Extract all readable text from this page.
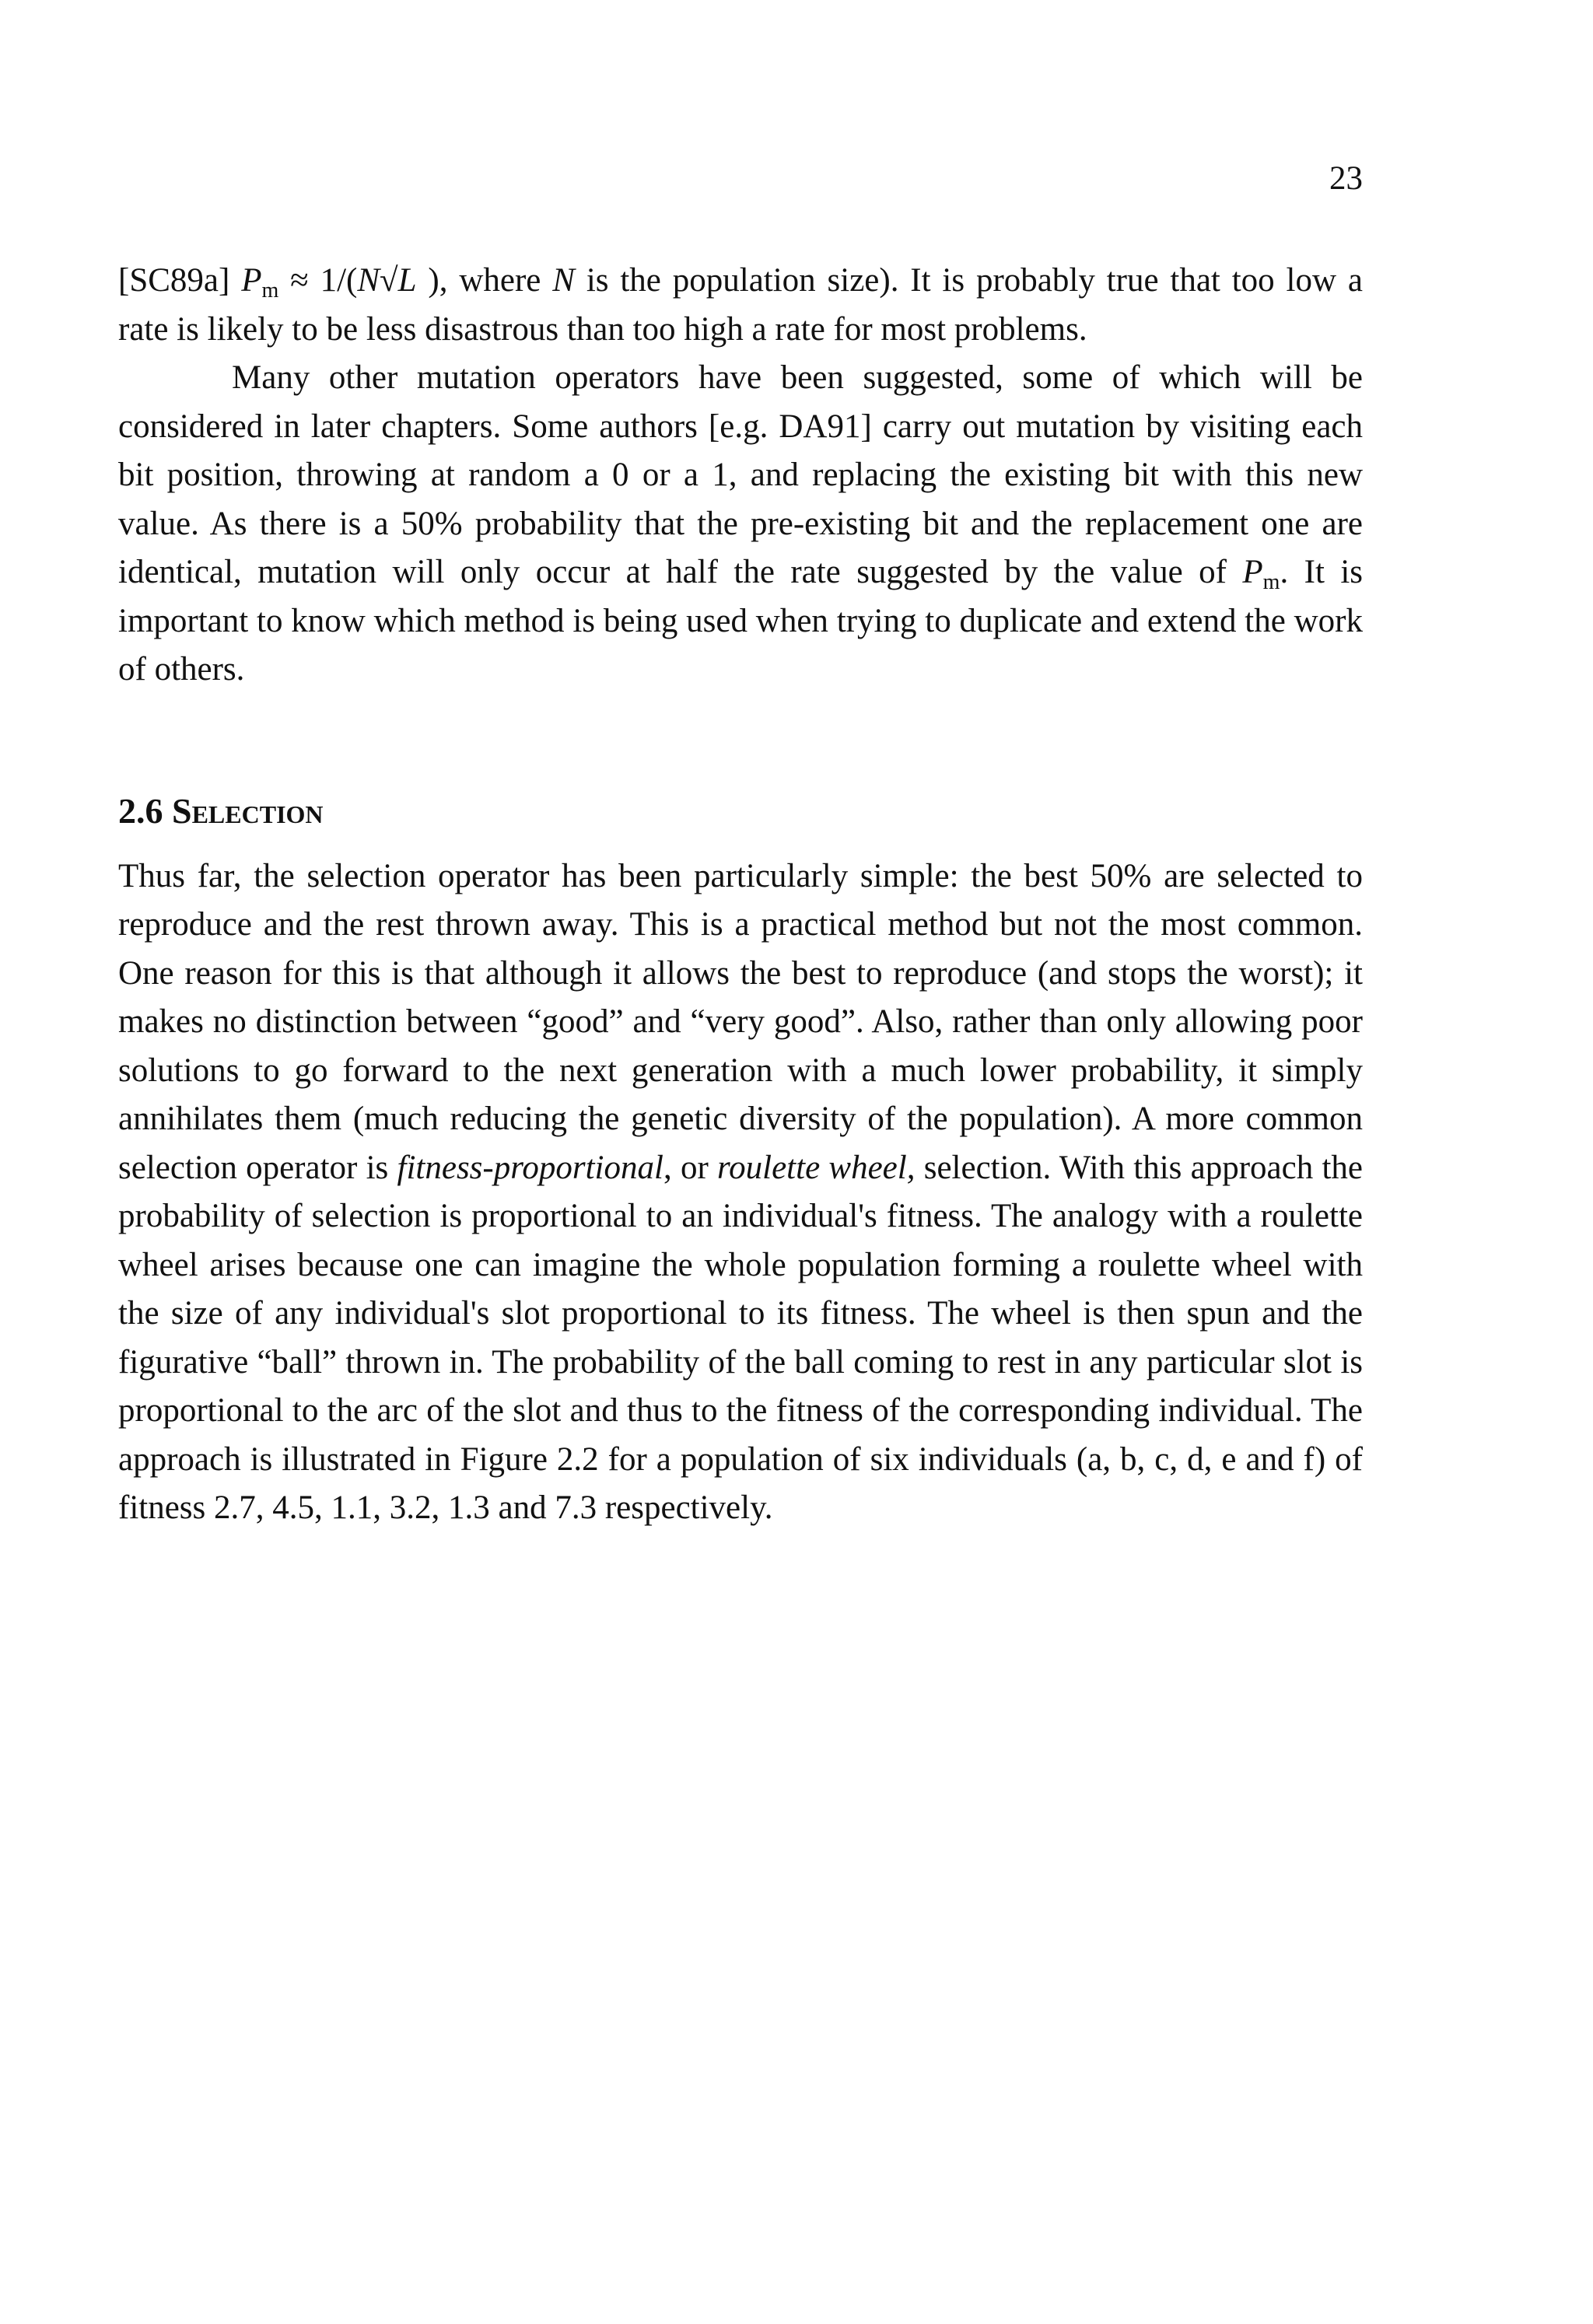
23

[SC89a] $P_m \approx 1/(N√L$ ), where N is the population size). It is probably true that too low a rate is likely to be less disastrous than too high a rate for most problems.

Many other mutation operators have been suggested, some of which will be considered in later chapters. Some authors [e.g. DA91] carry out mutation by visiting each bit position, throwing at random a 0 or a 1, and replacing the existing bit with this new value. As there is a 50% probability that the pre-existing bit and the replacement one are identical, mutation will only occur at half the rate suggested by the value of $P_m$. It is important to know which method is being used when trying to duplicate and extend the work of others.

2.6 Selection

Thus far, the selection operator has been particularly simple: the best 50% are selected to reproduce and the rest thrown away. This is a practical method but not the most common. One reason for this is that although it allows the best to reproduce (and stops the worst); it makes no distinction between “good” and “very good”. Also, rather than only allowing poor solutions to go forward to the next generation with a much lower probability, it simply annihilates them (much reducing the genetic diversity of the population). A more common selection operator is fitness-proportional, or roulette wheel, selection. With this approach the probability of selection is proportional to an individual's fitness. The analogy with a roulette wheel arises because one can imagine the whole population forming a roulette wheel with the size of any individual's slot proportional to its fitness. The wheel is then spun and the figurative “ball” thrown in. The probability of the ball coming to rest in any particular slot is proportional to the arc of the slot and thus to the fitness of the corresponding individual. The approach is illustrated in Figure 2.2 for a population of six individuals (a, b, c, d, e and f) of fitness 2.7, 4.5, 1.1, 3.2, 1.3 and 7.3 respectively.
